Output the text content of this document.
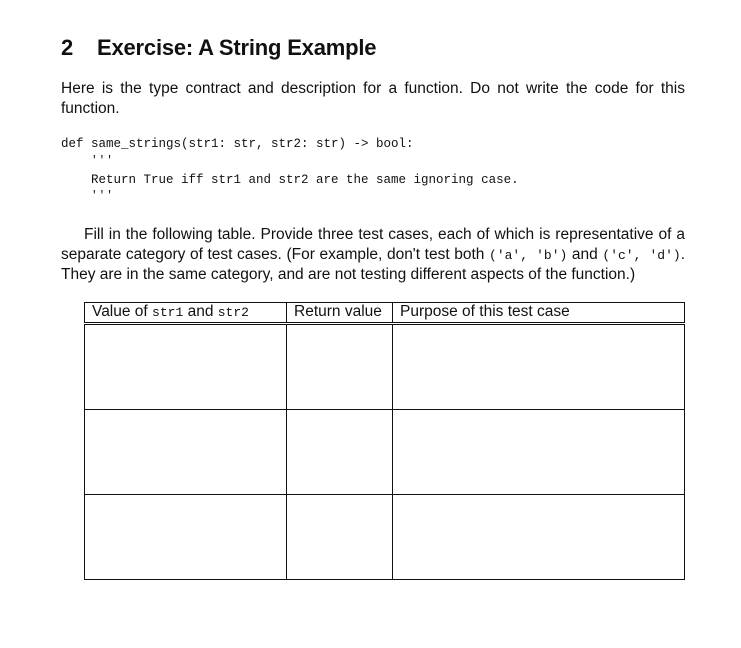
2 Exercise: A String Example
Here is the type contract and description for a function. Do not write the code for this function.
def same_strings(str1: str, str2: str) -> bool:
'''
Return True iff str1 and str2 are the same ignoring case.
'''
Fill in the following table. Provide three test cases, each of which is representative of a separate category of test cases. (For example, don't test both ('a', 'b') and ('c', 'd'). They are in the same category, and are not testing different aspects of the function.)
Value of str1 and str2	Return value	Purpose of this test case
